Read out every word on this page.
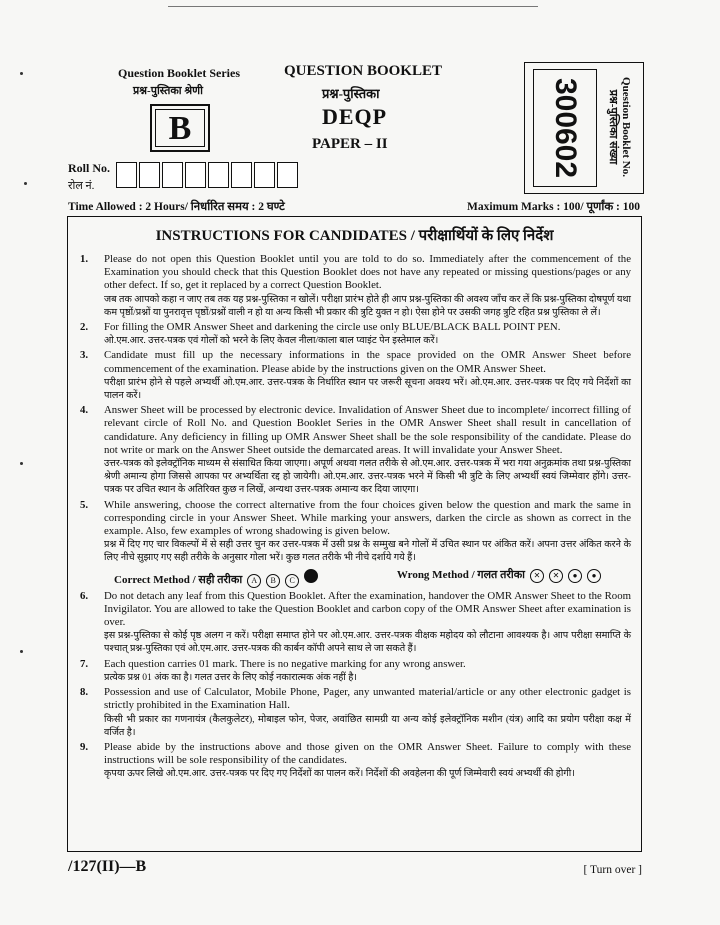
Question Booklet Series
प्रश्न-पुस्तिका श्रेणी
B
QUESTION BOOKLET
प्रश्न-पुस्तिका
DEQP
PAPER – II	300602	Question Booklet No.
प्रश्न-पुस्तिका संख्या
Roll No.
रोल नं.
Time Allowed : 2 Hours/ निर्धारित समय : 2 घण्टे	Maximum Marks : 100/ पूर्णांक : 100
INSTRUCTIONS FOR CANDIDATES / परीक्षार्थियों के लिए निर्देश
1. Please do not open this Question Booklet until you are told to do so. Immediately after the commencement of the Examination you should check that this Question Booklet does not have any repeated or missing questions/pages or any other defect. If so, get it replaced by a correct Question Booklet.
जब तक आपको कहा न जाए तब तक यह प्रश्न-पुस्तिका न खोलें। परीक्षा प्रारंभ होते ही आप प्रश्न-पुस्तिका की अवश्य जाँच कर लें कि प्रश्न-पुस्तिका दोषपूर्ण यथा कम पृष्ठों/प्रश्नों या पुनरावृत्त पृष्ठों/प्रश्नों वाली न हो या अन्य किसी भी प्रकार की त्रुटि युक्त न हो। ऐसा होने पर उसकी जगह त्रुटि रहित प्रश्न पुस्तिका ले लें।
2. For filling the OMR Answer Sheet and darkening the circle use only BLUE/BLACK BALL POINT PEN.
ओ.एम.आर. उत्तर-पत्रक एवं गोलों को भरने के लिए केवल नीला/काला बाल प्वाइंट पेन इस्तेमाल करें।
3. Candidate must fill up the necessary informations in the space provided on the OMR Answer Sheet before commencement of the examination. Please abide by the instructions given on the OMR Answer Sheet.
परीक्षा प्रारंभ होने से पहले अभ्यर्थी ओ.एम.आर. उत्तर-पत्रक के निर्धारित स्थान पर जरूरी सूचना अवश्य भरें। ओ.एम.आर. उत्तर-पत्रक पर दिए गये निर्देशों का पालन करें।
4. Answer Sheet will be processed by electronic device. Invalidation of Answer Sheet due to incomplete/ incorrect filling of relevant circle of Roll No. and Question Booklet Series in the OMR Answer Sheet shall result in cancellation of candidature. Any deficiency in filling up OMR Answer Sheet shall be the sole responsibility of the candidate. Please do not write or mark on the Answer Sheet outside the demarcated areas. It will invalidate your Answer Sheet.
उत्तर-पत्रक को इलेक्ट्रॉनिक माध्यम से संसाधित किया जाएगा। अपूर्ण अथवा गलत तरीके से ओ.एम.आर. उत्तर-पत्रक में भरा गया अनुक्रमांक तथा प्रश्न-पुस्तिका श्रेणी अमान्य होगा जिससे आपका पर अभ्यर्थिता रद्द हो जायेगी। ओ.एम.आर. उत्तर-पत्रक भरने में किसी भी त्रुटि के लिए अभ्यर्थी स्वयं जिम्मेवार होंगे। उत्तर-पत्रक पर उचित स्थान के अतिरिक्त कुछ न लिखें, अन्यथा उत्तर-पत्रक अमान्य कर दिया जाएगा।
5. While answering, choose the correct alternative from the four choices given below the question and mark the same in corresponding circle in your Answer Sheet. While marking your answers, darken the circle as shown as correct in the example. Also, few examples of wrong shadowing is given below.
प्रश्न में दिए गए चार विकल्पों में से सही उत्तर चुन कर उत्तर-पत्रक में उसी प्रश्न के सम्मुख बने गोलों में उचित स्थान पर अंकित करें। अपना उत्तर अंकित करने के लिए नीचे सुझाए गए सही तरीके के अनुसार गोला भरें। कुछ गलत तरीके भी नीचे दर्शाये गये हैं।
Correct Method / सही तरीका A B C	Wrong Method / गलत तरीका ✕ ✕ ● ●
6. Do not detach any leaf from this Question Booklet. After the examination, handover the OMR Answer Sheet to the Room Invigilator. You are allowed to take the Question Booklet and carbon copy of the OMR Answer Sheet after examination is over.
इस प्रश्न-पुस्तिका से कोई पृष्ठ अलग न करें। परीक्षा समाप्त होने पर ओ.एम.आर. उत्तर-पत्रक वीक्षक महोदय को लौटाना आवश्यक है। आप परीक्षा समाप्ति के पश्चात् प्रश्न-पुस्तिका एवं ओ.एम.आर. उत्तर-पत्रक की कार्बन कॉपी अपने साथ ले जा सकते हैं।
7. Each question carries 01 mark. There is no negative marking for any wrong answer.
प्रत्येक प्रश्न 01 अंक का है। गलत उत्तर के लिए कोई नकारात्मक अंक नहीं है।
8. Possession and use of Calculator, Mobile Phone, Pager, any unwanted material/article or any other electronic gadget is strictly prohibited in the Examination Hall.
किसी भी प्रकार का गणनायंत्र (कैलकुलेटर), मोबाइल फोन, पेजर, अवांछित सामग्री या अन्य कोई इलेक्ट्रॉनिक मशीन (यंत्र) आदि का प्रयोग परीक्षा कक्ष में वर्जित है।
9. Please abide by the instructions above and those given on the OMR Answer Sheet. Failure to comply with these instructions will be sole responsibility of the candidates.
कृपया ऊपर लिखे ओ.एम.आर. उत्तर-पत्रक पर दिए गए निर्देशों का पालन करें। निर्देशों की अवहेलना की पूर्ण जिम्मेवारी स्वयं अभ्यर्थी की होगी।
/127(II)—B	[ Turn over ]
